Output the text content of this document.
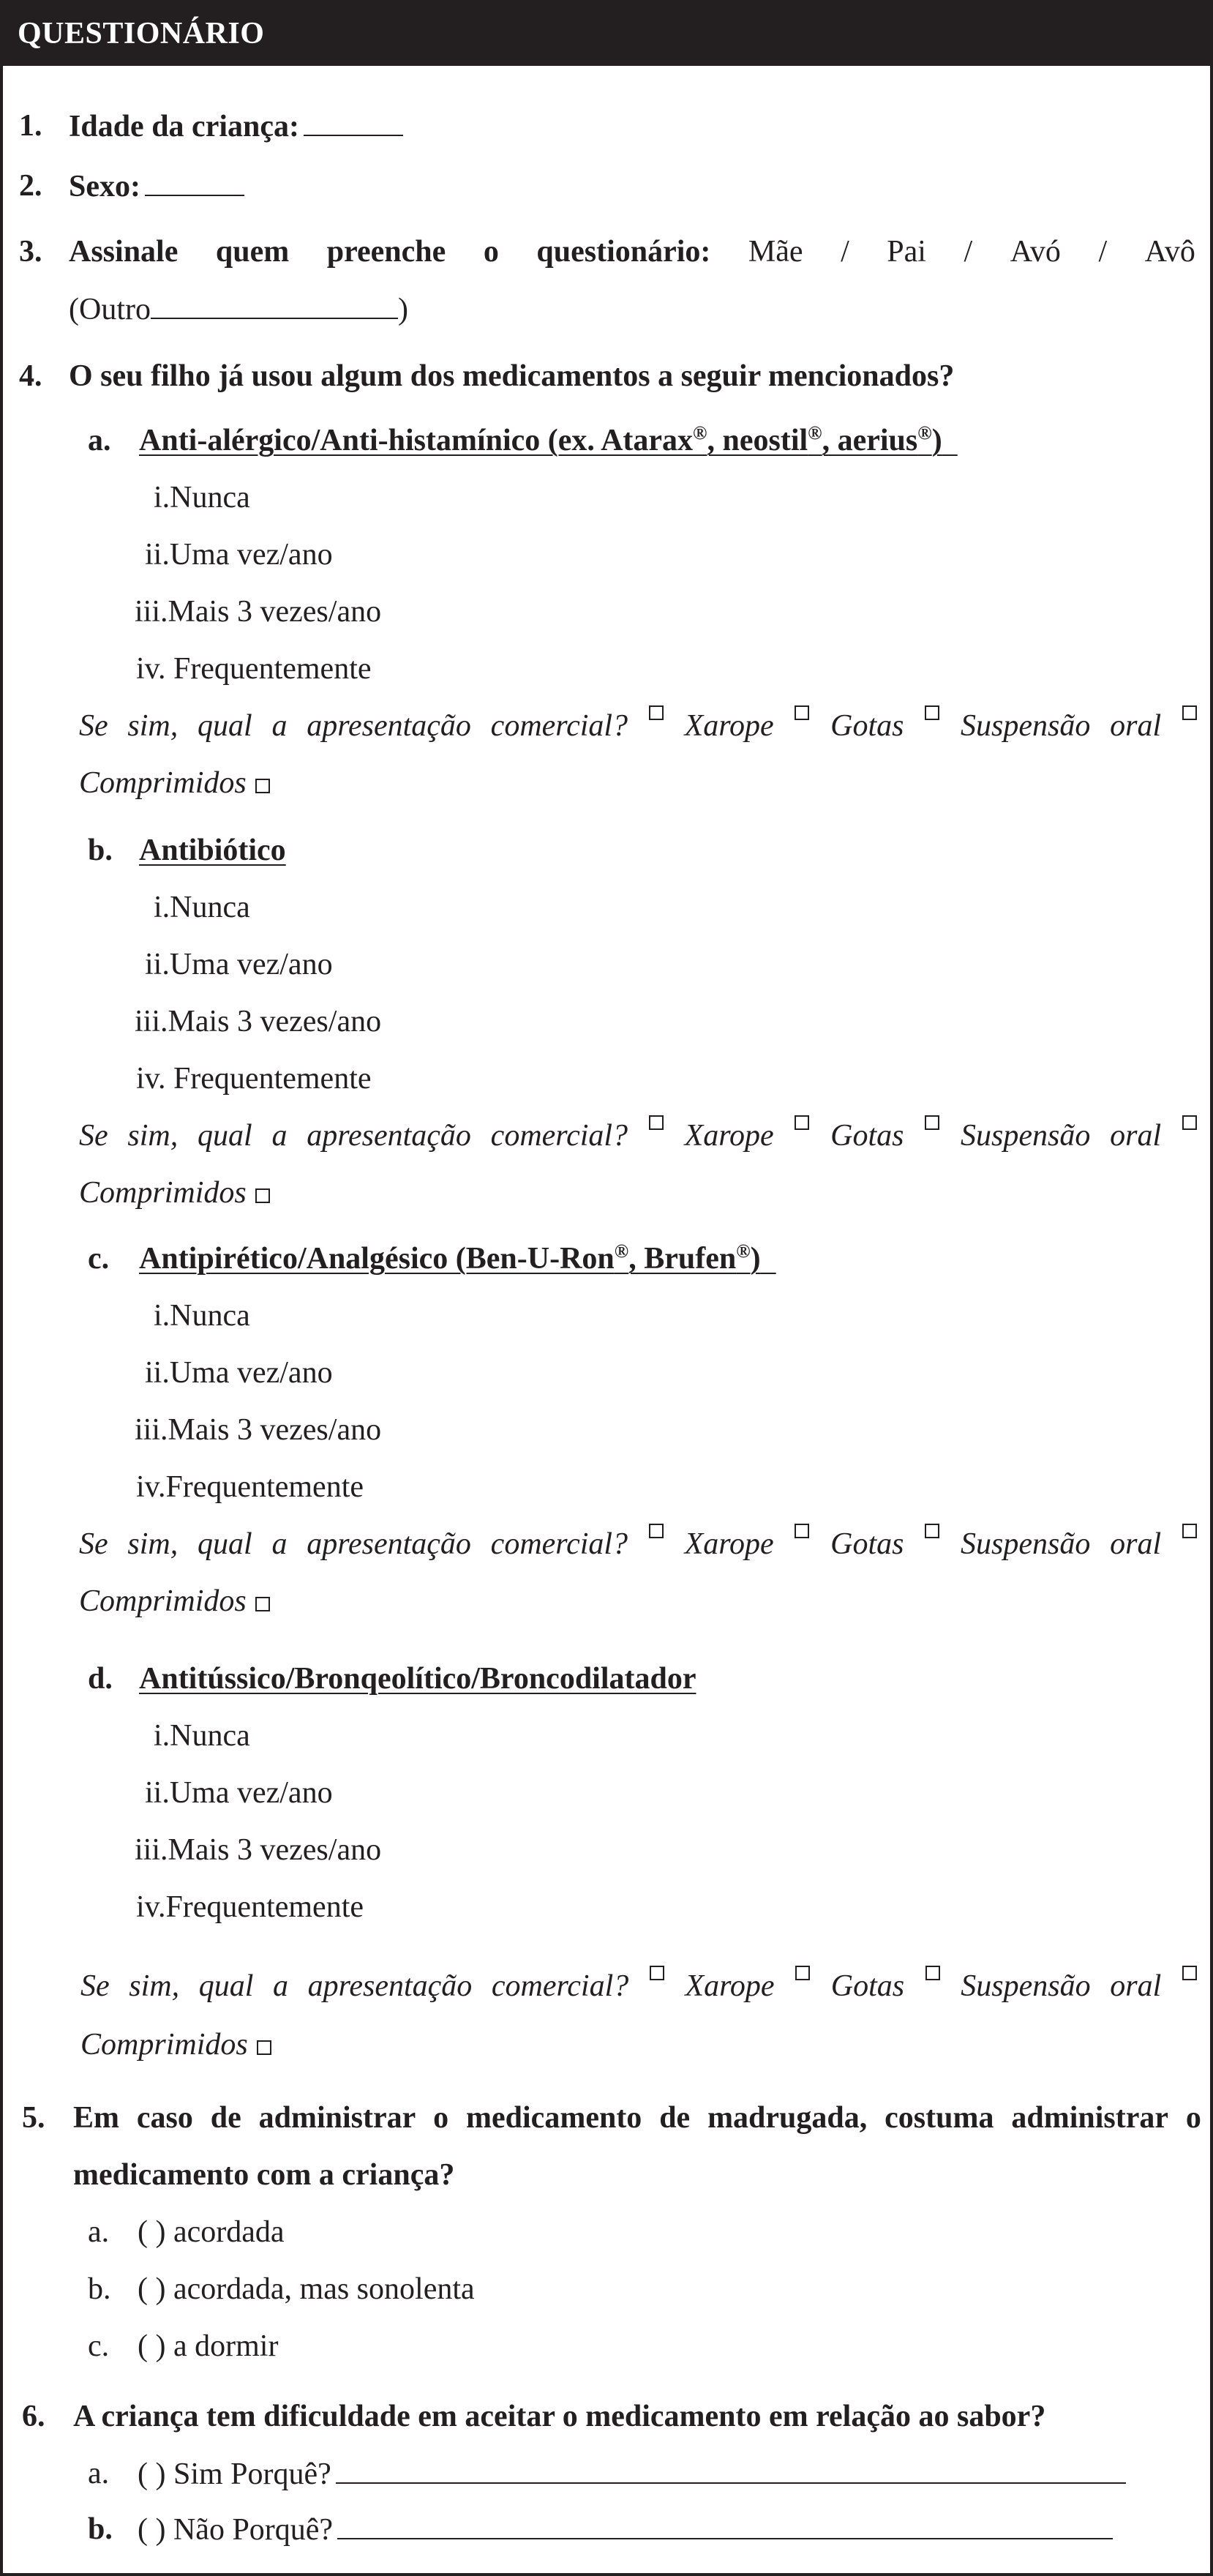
QUESTIONÁRIO
1. Idade da criança:
2. Sexo:
3. Assinale quem preenche o questionário: Mãe / Pai / Avó / Avô
(Outro	)
4. O seu filho já usou algum dos medicamentos a seguir mencionados?
a. Anti-alérgico/Anti-histamínico (ex. Atarax®, neostil®, aerius®)
i.Nunca
ii.Uma vez/ano
iii.Mais 3 vezes/ano
iv. Frequentemente
Se sim, qual a apresentação comercial? Xarope Gotas Suspensão oral
Comprimidos
b. Antibiótico
i.Nunca
ii.Uma vez/ano
iii.Mais 3 vezes/ano
iv. Frequentemente
Se sim, qual a apresentação comercial? Xarope Gotas Suspensão oral
Comprimidos
c. Antipirético/Analgésico (Ben-U-Ron®, Brufen®)
i.Nunca
ii.Uma vez/ano
iii.Mais 3 vezes/ano
iv.Frequentemente
Se sim, qual a apresentação comercial? Xarope Gotas Suspensão oral
Comprimidos
d. Antitússico/Bronqeolítico/Broncodilatador
i.Nunca
ii.Uma vez/ano
iii.Mais 3 vezes/ano
iv.Frequentemente
Se sim, qual a apresentação comercial? Xarope Gotas Suspensão oral
Comprimidos
5. Em caso de administrar o medicamento de madrugada, costuma administrar o
medicamento com a criança?
a. ( ) acordada
b. ( ) acordada, mas sonolenta
c. ( ) a dormir
6. A criança tem dificuldade em aceitar o medicamento em relação ao sabor?
a. ( ) Sim Porquê?
b. ( ) Não Porquê?
